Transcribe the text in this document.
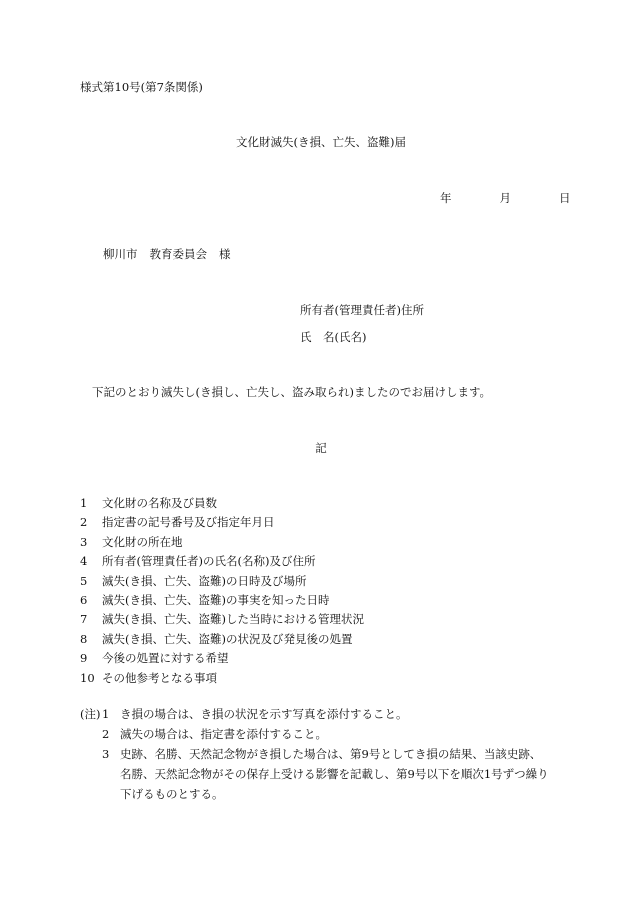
様式第10号(第7条関係)
文化財滅失(き損、亡失、盗難)届
年	月	日
柳川市 教育委員会 様
所有者(管理責任者)住所
氏　名(氏名)
下記のとおり滅失し(き損し、亡失し、盗み取られ)ましたのでお届けします。
記
1	文化財の名称及び員数
2	指定書の記号番号及び指定年月日
3	文化財の所在地
4	所有者(管理責任者)の氏名(名称)及び住所
5	滅失(き損、亡失、盗難)の日時及び場所
6	滅失(き損、亡失、盗難)の事実を知った日時
7	滅失(き損、亡失、盗難)した当時における管理状況
8	滅失(き損、亡失、盗難)の状況及び発見後の処置
9	今後の処置に対する希望
10 その他参考となる事項
(注) 1 き損の場合は、き損の状況を示す写真を添付すること。
2 滅失の場合は、指定書を添付すること。
3 史跡、名勝、天然記念物がき損した場合は、第9号としてき損の結果、当該史跡、名勝、天然記念物がその保存上受ける影響を記載し、第9号以下を順次1号ずつ繰り下げるものとする。
